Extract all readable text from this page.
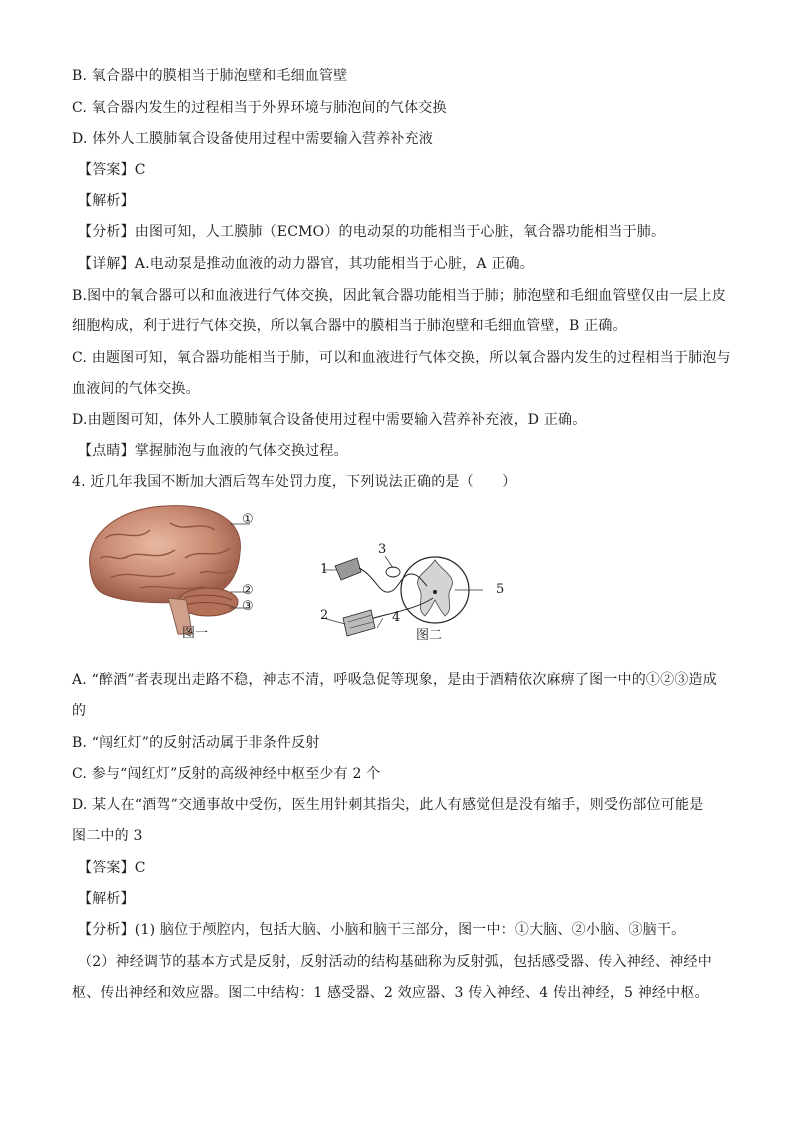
B. 氧合器中的膜相当于肺泡壁和毛细血管壁
C. 氧合器内发生的过程相当于外界环境与肺泡间的气体交换
D. 体外人工膜肺氧合设备使用过程中需要输入营养补充液
【答案】C
【解析】
【分析】由图可知，人工膜肺（ECMO）的电动泵的功能相当于心脏，氧合器功能相当于肺。
【详解】A.电动泵是推动血液的动力器官，其功能相当于心脏，A 正确。
B.图中的氧合器可以和血液进行气体交换，因此氧合器功能相当于肺；肺泡壁和毛细血管壁仅由一层上皮
细胞构成，利于进行气体交换，所以氧合器中的膜相当于肺泡壁和毛细血管壁，B 正确。
C. 由题图可知，氧合器功能相当于肺，可以和血液进行气体交换，所以氧合器内发生的过程相当于肺泡与
血液间的气体交换。
D.由题图可知，体外人工膜肺氧合设备使用过程中需要输入营养补充液，D 正确。
【点睛】掌握肺泡与血液的气体交换过程。
4. 近几年我国不断加大酒后驾车处罚力度，下列说法正确的是（　　）
①
②
③
图一
1
2
3
4
5
图二
A. “醉酒”者表现出走路不稳，神志不清，呼吸急促等现象，是由于酒精依次麻痹了图一中的①②③造成
的
B. “闯红灯”的反射活动属于非条件反射
C. 参与“闯红灯”反射的高级神经中枢至少有 2 个
D. 某人在“酒驾”交通事故中受伤，医生用针刺其指尖，此人有感觉但是没有缩手，则受伤部位可能是
图二中的 3
【答案】C
【解析】
【分析】(1) 脑位于颅腔内，包括大脑、小脑和脑干三部分，图一中：①大脑、②小脑、③脑干。
（2）神经调节的基本方式是反射，反射活动的结构基础称为反射弧，包括感受器、传入神经、神经中
枢、传出神经和效应器。图二中结构：1 感受器、2 效应器、3 传入神经、4 传出神经，5 神经中枢。
